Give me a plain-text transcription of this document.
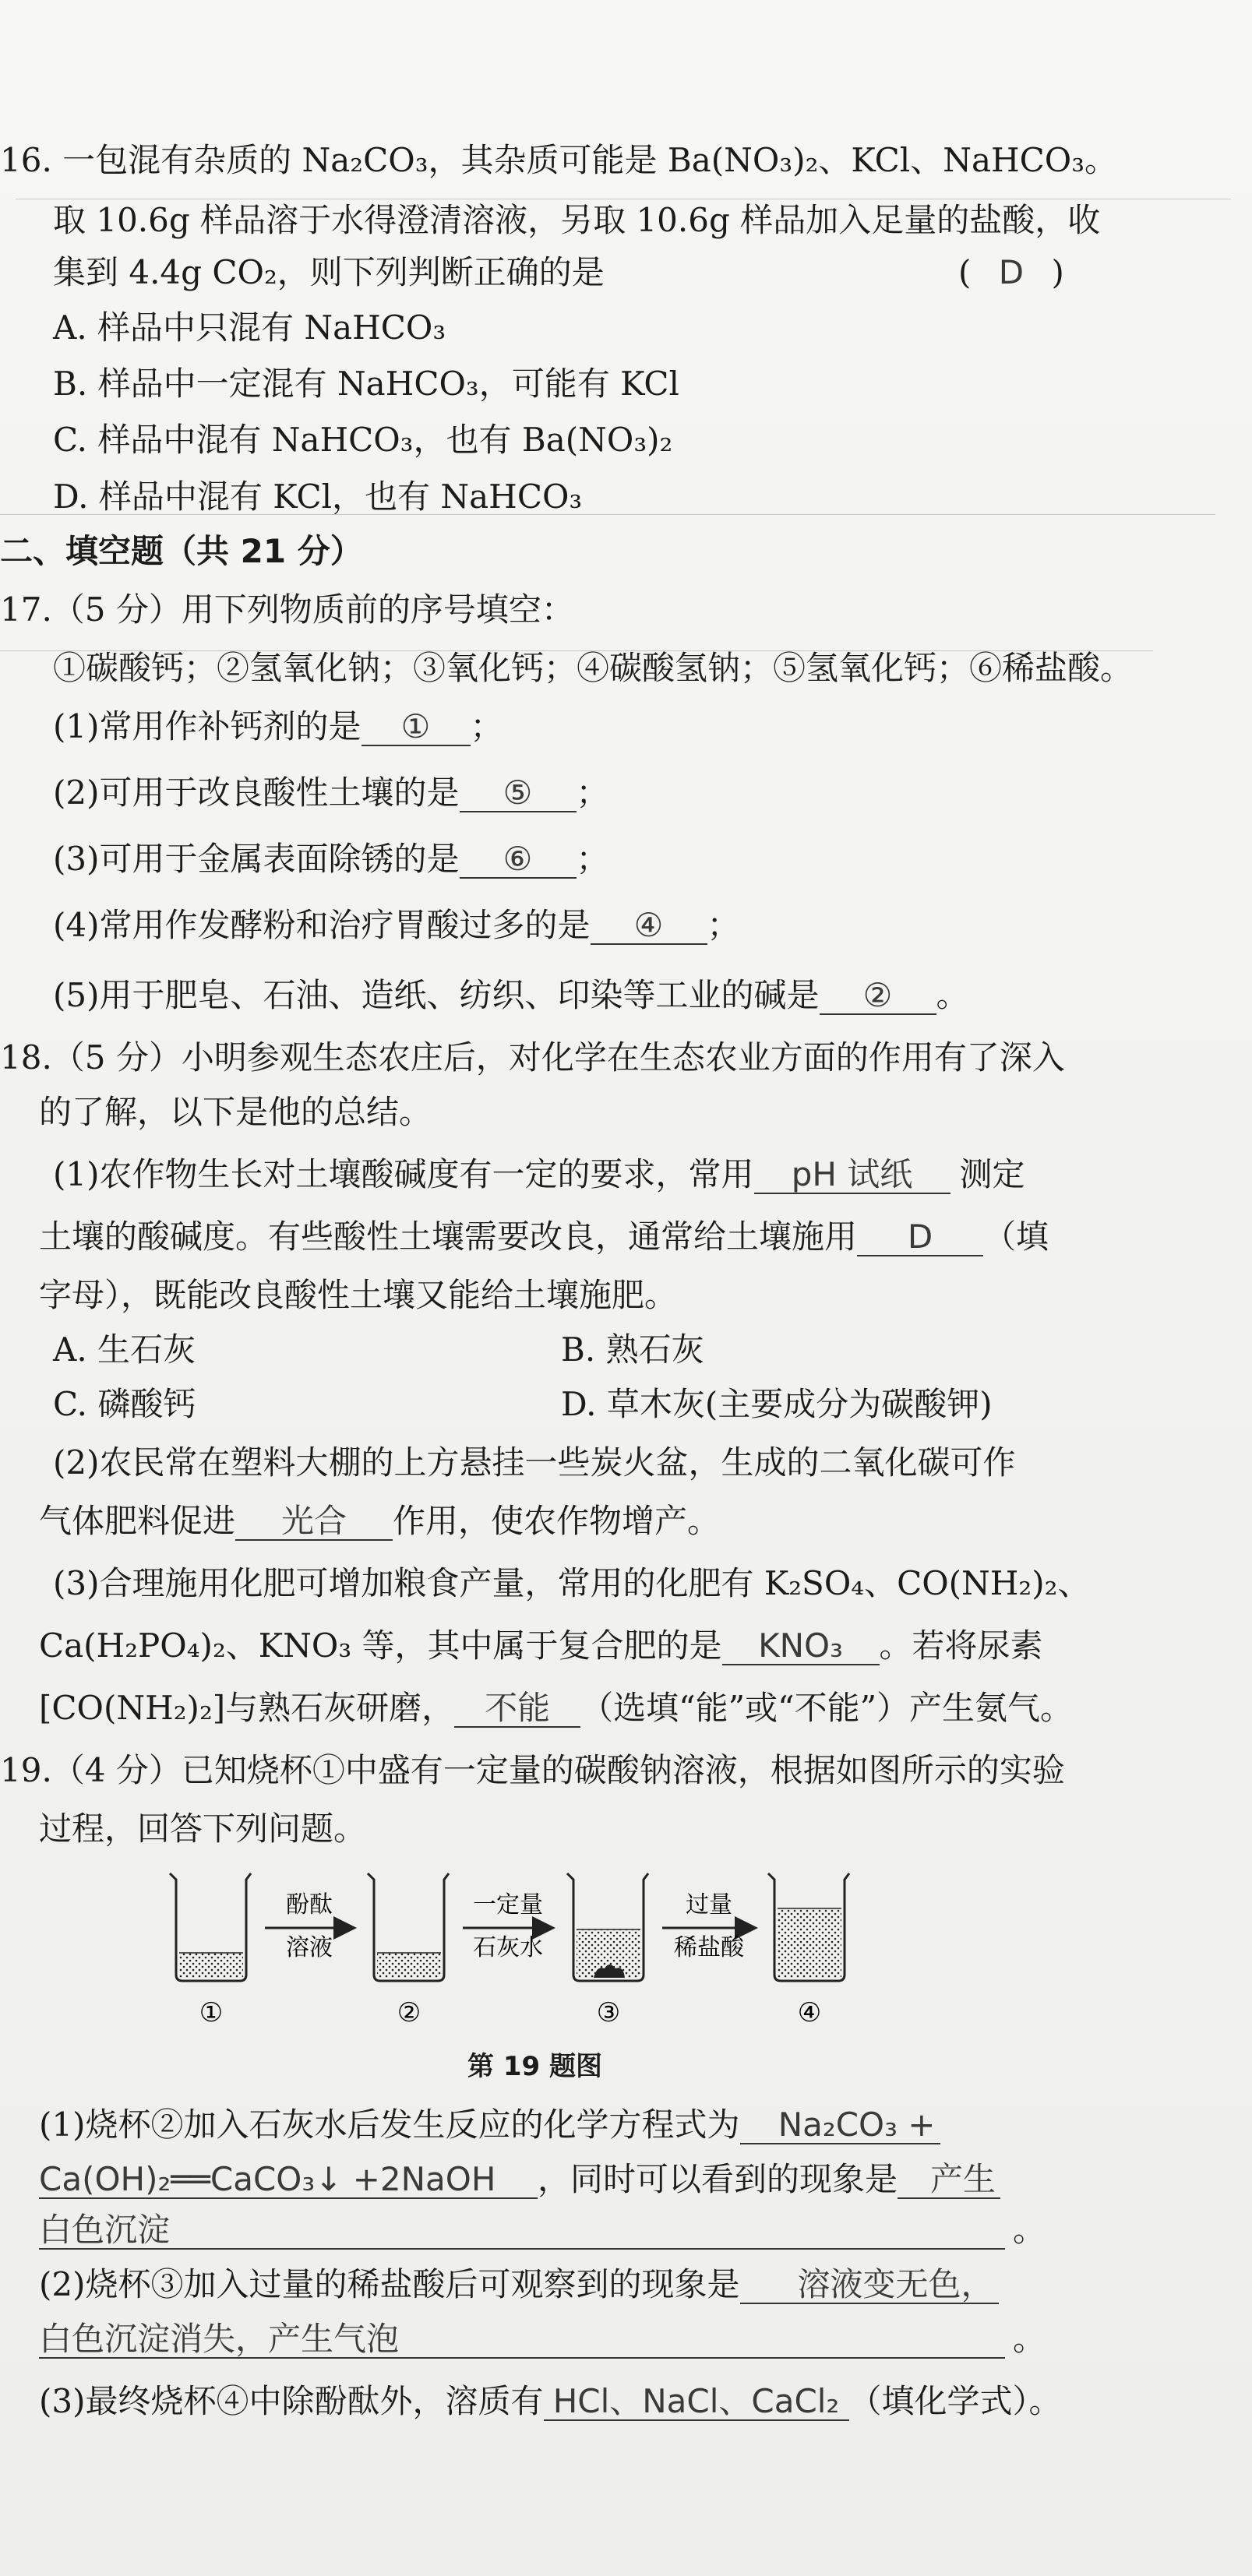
16. 一包混有杂质的 Na₂CO₃，其杂质可能是 Ba(NO₃)₂、KCl、NaHCO₃。
取 10.6g 样品溶于水得澄清溶液，另取 10.6g 样品加入足量的盐酸，收
集到 4.4g CO₂，则下列判断正确的是	( D )
A. 样品中只混有 NaHCO₃
B. 样品中一定混有 NaHCO₃，可能有 KCl
C. 样品中混有 NaHCO₃，也有 Ba(NO₃)₂
D. 样品中混有 KCl，也有 NaHCO₃
二、填空题（共 21 分）
17.（5 分）用下列物质前的序号填空：
①碳酸钙；②氢氧化钠；③氧化钙；④碳酸氢钠；⑤氢氧化钙；⑥稀盐酸。
(1)常用作补钙剂的是 ① ；
(2)可用于改良酸性土壤的是 ⑤ ；
(3)可用于金属表面除锈的是 ⑥ ；
(4)常用作发酵粉和治疗胃酸过多的是 ④ ；
(5)用于肥皂、石油、造纸、纺织、印染等工业的碱是 ② 。
18.（5 分）小明参观生态农庄后，对化学在生态农业方面的作用有了深入
的了解，以下是他的总结。
(1)农作物生长对土壤酸碱度有一定的要求，常用 pH 试纸 测定
土壤的酸碱度。有些酸性土壤需要改良，通常给土壤施用 D （填
字母），既能改良酸性土壤又能给土壤施肥。
A. 生石灰	B. 熟石灰
C. 磷酸钙	D. 草木灰(主要成分为碳酸钾)
(2)农民常在塑料大棚的上方悬挂一些炭火盆，生成的二氧化碳可作
气体肥料促进 光合 作用，使农作物增产。
(3)合理施用化肥可增加粮食产量，常用的化肥有 K₂SO₄、CO(NH₂)₂、
Ca(H₂PO₄)₂、KNO₃ 等，其中属于复合肥的是 KNO₃ 。若将尿素
[CO(NH₂)₂]与熟石灰研磨， 不能 （选填“能”或“不能”）产生氨气。
19.（4 分）已知烧杯①中盛有一定量的碳酸钠溶液，根据如图所示的实验
过程，回答下列问题。
酚酞
溶液
一定量
石灰水
过量
稀盐酸
①	②	③	④
第 19 题图
(1)烧杯②加入石灰水后发生反应的化学方程式为 Na₂CO₃ +
Ca(OH)₂══CaCO₃↓ +2NaOH ，同时可以看到的现象是 产生
白色沉淀	。
(2)烧杯③加入过量的稀盐酸后可观察到的现象是 溶液变无色，
白色沉淀消失，产生气泡	。
(3)最终烧杯④中除酚酞外，溶质有 HCl、NaCl、CaCl₂ （填化学式）。
